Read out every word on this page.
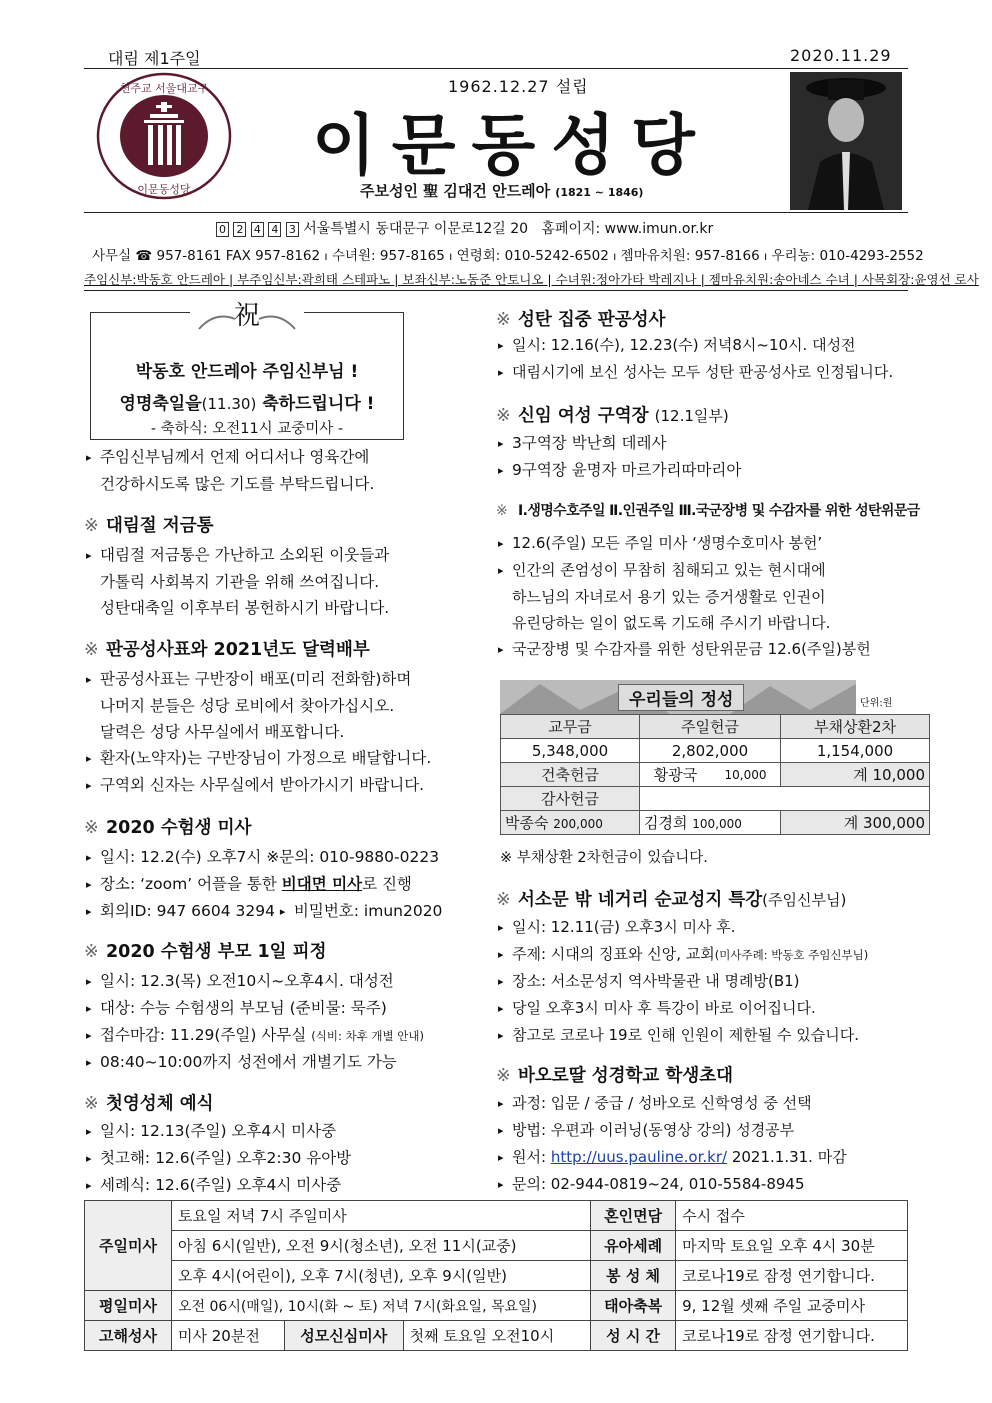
대림 제1주일	2020.11.29
천주교 서울대교구
이문동성당
1962.12.27 설립
이문동성당
주보성인 聖 김대건 안드레아 (1821 ~ 1846)
0 2 4 4 3 서울특별시 동대문구 이문로12길 20 홈페이지: www.imun.or.kr
사무실 ☎ 957-8161 FAX 957-8162 ı 수녀원: 957-8165 ı 연령회: 010-5242-6502 ı 젬마유치원: 957-8166 ı 우리농: 010-4293-2552
주임신부:박동호 안드레아 | 부주임신부:곽희태 스테파노 | 보좌신부:노동준 안토니오 | 수녀원:정아가타 박레지나 | 젬마유치원:송아네스 수녀 | 사목회장:윤영선 로사
祝
박동호 안드레아 주임신부님 !
영명축일을(11.30) 축하드립니다 !
- 축하식: 오전11시 교중미사 -
▸ 주임신부님께서 언제 어디서나 영육간에
건강하시도록 많은 기도를 부탁드립니다.
※ 대림절 저금통
▸ 대림절 저금통은 가난하고 소외된 이웃들과
가톨릭 사회복지 기관을 위해 쓰여집니다.
성탄대축일 이후부터 봉헌하시기 바랍니다.
※ 판공성사표와 2021년도 달력배부
▸ 판공성사표는 구반장이 배포(미리 전화함)하며
나머지 분들은 성당 로비에서 찾아가십시오.
달력은 성당 사무실에서 배포합니다.
▸ 환자(노약자)는 구반장님이 가정으로 배달합니다.
▸ 구역외 신자는 사무실에서 받아가시기 바랍니다.
※ 2020 수험생 미사
▸ 일시: 12.2(수) 오후7시 ※문의: 010-9880-0223
▸ 장소: ‘zoom’ 어플을 통한 비대면 미사로 진행
▸ 회의ID: 947 6604 3294 ▸ 비밀번호: imun2020
※ 2020 수험생 부모 1일 피정
▸ 일시: 12.3(목) 오전10시~오후4시. 대성전
▸ 대상: 수능 수험생의 부모님 (준비물: 묵주)
▸ 접수마감: 11.29(주일) 사무실 (식비: 차후 개별 안내)
▸ 08:40~10:00까지 성전에서 개별기도 가능
※ 첫영성체 예식
▸ 일시: 12.13(주일) 오후4시 미사중
▸ 첫고해: 12.6(주일) 오후2:30 유아방
▸ 세례식: 12.6(주일) 오후4시 미사중
※ 성탄 집중 판공성사
▸ 일시: 12.16(수), 12.23(수) 저녁8시~10시. 대성전
▸ 대림시기에 보신 성사는 모두 성탄 판공성사로 인정됩니다.
※ 신임 여성 구역장 (12.1일부)
▸ 3구역장 박난희 데레사
▸ 9구역장 윤명자 마르가리따마리아
※ Ⅰ.생명수호주일 Ⅱ.인권주일 Ⅲ.국군장병 및 수감자를 위한 성탄위문금
▸ 12.6(주일) 모든 주일 미사 ‘생명수호미사 봉헌’
▸ 인간의 존엄성이 무참히 침해되고 있는 현시대에
하느님의 자녀로서 용기 있는 증거생활로 인권이
유린당하는 일이 없도록 기도해 주시기 바랍니다.
▸ 국군장병 및 수감자를 위한 성탄위문금 12.6(주일)봉헌
우리들의 정성	단위:원
교무금	주일헌금		부채상환2차
5,348,000	2,802,000		1,154,000
건축헌금	황광국	10,000	계 10,000
감사헌금			
박종숙 200,000	김경희 100,000		계 300,000
※ 부채상환 2차헌금이 있습니다.
※ 서소문 밖 네거리 순교성지 특강(주임신부님)
▸ 일시: 12.11(금) 오후3시 미사 후.
▸ 주제: 시대의 징표와 신앙, 교회(미사주례: 박동호 주임신부님)
▸ 장소: 서소문성지 역사박물관 내 명례방(B1)
▸ 당일 오후3시 미사 후 특강이 바로 이어집니다.
▸ 참고로 코로나 19로 인해 인원이 제한될 수 있습니다.
※ 바오로딸 성경학교 학생초대
▸ 과정: 입문 / 중급 / 성바오로 신학영성 중 선택
▸ 방법: 우편과 이러닝(동영상 강의) 성경공부
▸ 원서: http://uus.pauline.or.kr/ 2021.1.31. 마감
▸ 문의: 02-944-0819~24, 010-5584-8945
주일미사	토요일 저녁 7시 주일미사			혼인면담	수시 접수
	아침 6시(일반), 오전 9시(청소년), 오전 11시(교중)			유아세례	마지막 토요일 오후 4시 30분
	오후 4시(어린이), 오후 7시(청년), 오후 9시(일반)			봉 성 체	코로나19로 잠정 연기합니다.
평일미사	오전 06시(매일), 10시(화 ~ 토) 저녁 7시(화요일, 목요일)			태아축복	9, 12월 셋째 주일 교중미사
고해성사	미사 20분전	성모신심미사	첫째 토요일 오전10시	성 시 간	코로나19로 잠정 연기합니다.
